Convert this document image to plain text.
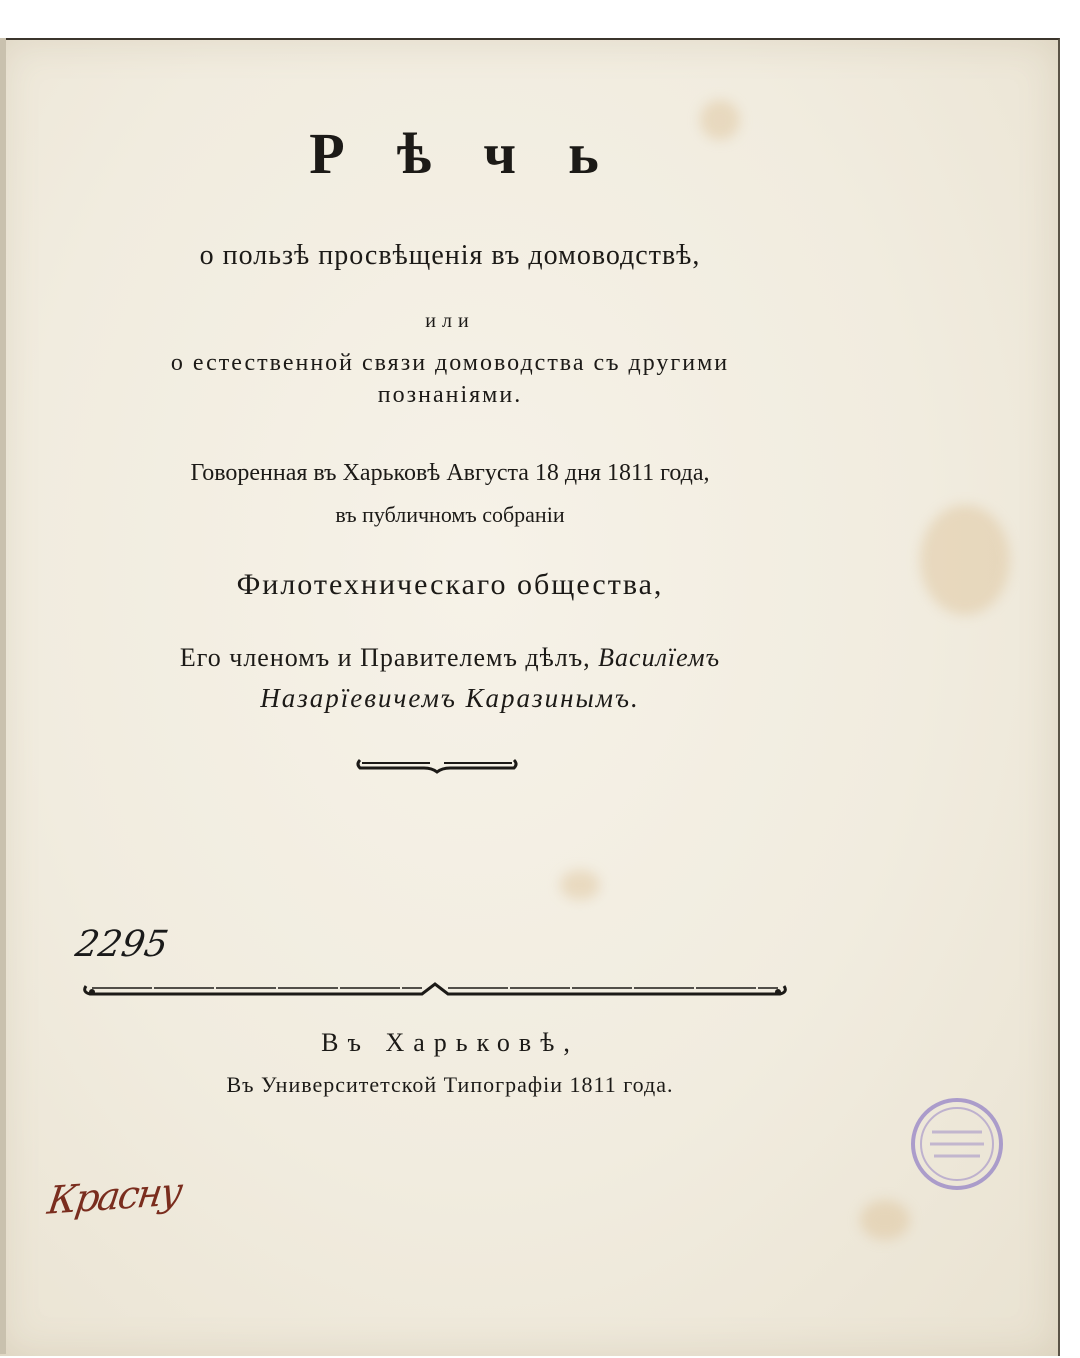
Рѣчь
о пользѣ просвѣщенія въ домоводствѣ,
или
о естественной связи домоводства съ другими
познаніями.
Говоренная въ Харьковѣ Августа 18 дня 1811 года,
въ публичномъ собраніи
Филотехническаго общества,
Его членомъ и Правителемъ дѣлъ, Василїемъ
Назарїевичемъ Каразинымъ.
2295
Въ Харьковѣ,
Въ Университетской Типографіи 1811 года.
Красну
